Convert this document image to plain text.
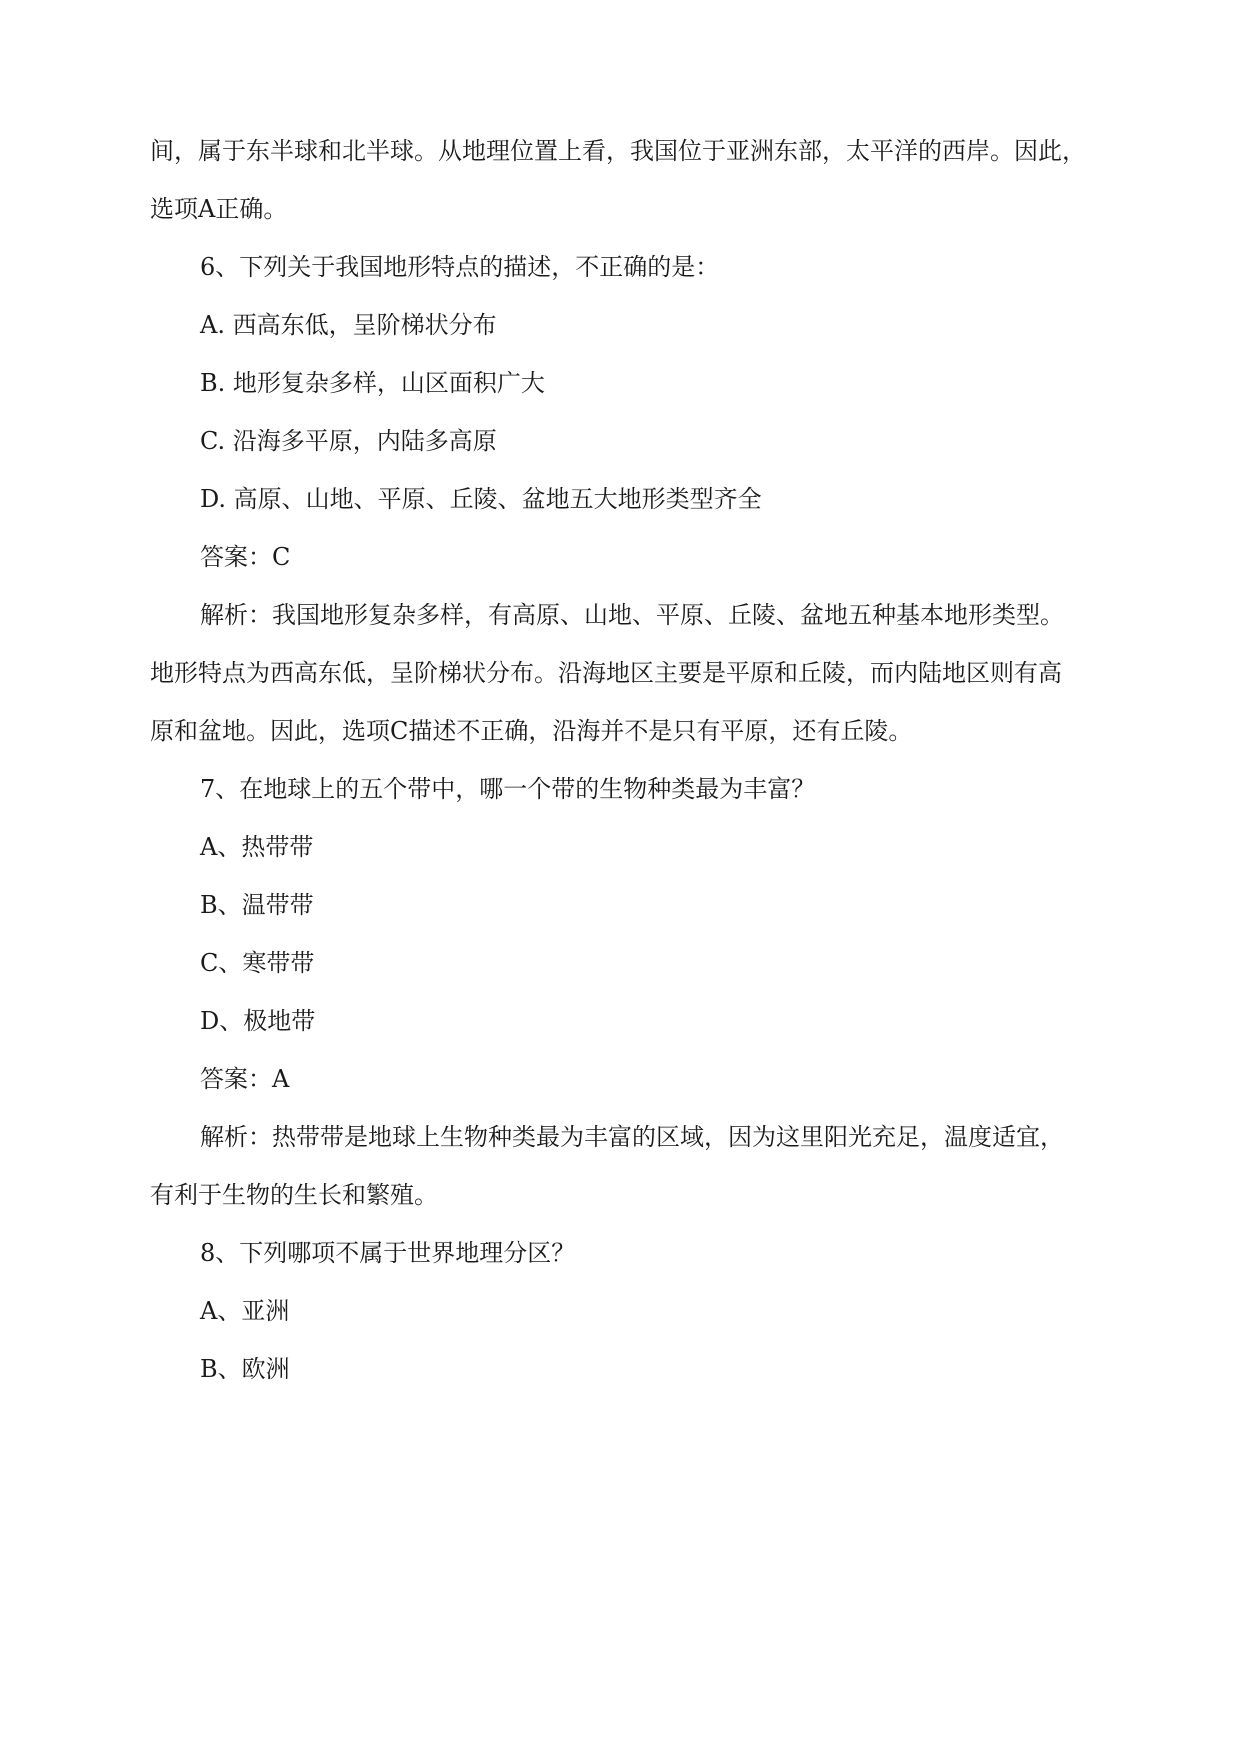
间，属于东半球和北半球。从地理位置上看，我国位于亚洲东部，太平洋的西岸。因此，

选项A正确。

6、下列关于我国地形特点的描述，不正确的是：

A. 西高东低，呈阶梯状分布

B. 地形复杂多样，山区面积广大

C. 沿海多平原，内陆多高原

D. 高原、山地、平原、丘陵、盆地五大地形类型齐全

答案：C

解析：我国地形复杂多样，有高原、山地、平原、丘陵、盆地五种基本地形类型。

地形特点为西高东低，呈阶梯状分布。沿海地区主要是平原和丘陵，而内陆地区则有高

原和盆地。因此，选项C描述不正确，沿海并不是只有平原，还有丘陵。

7、在地球上的五个带中，哪一个带的生物种类最为丰富？

A、热带带

B、温带带

C、寒带带

D、极地带

答案：A

解析：热带带是地球上生物种类最为丰富的区域，因为这里阳光充足，温度适宜，

有利于生物的生长和繁殖。

8、下列哪项不属于世界地理分区？

A、亚洲

B、欧洲
